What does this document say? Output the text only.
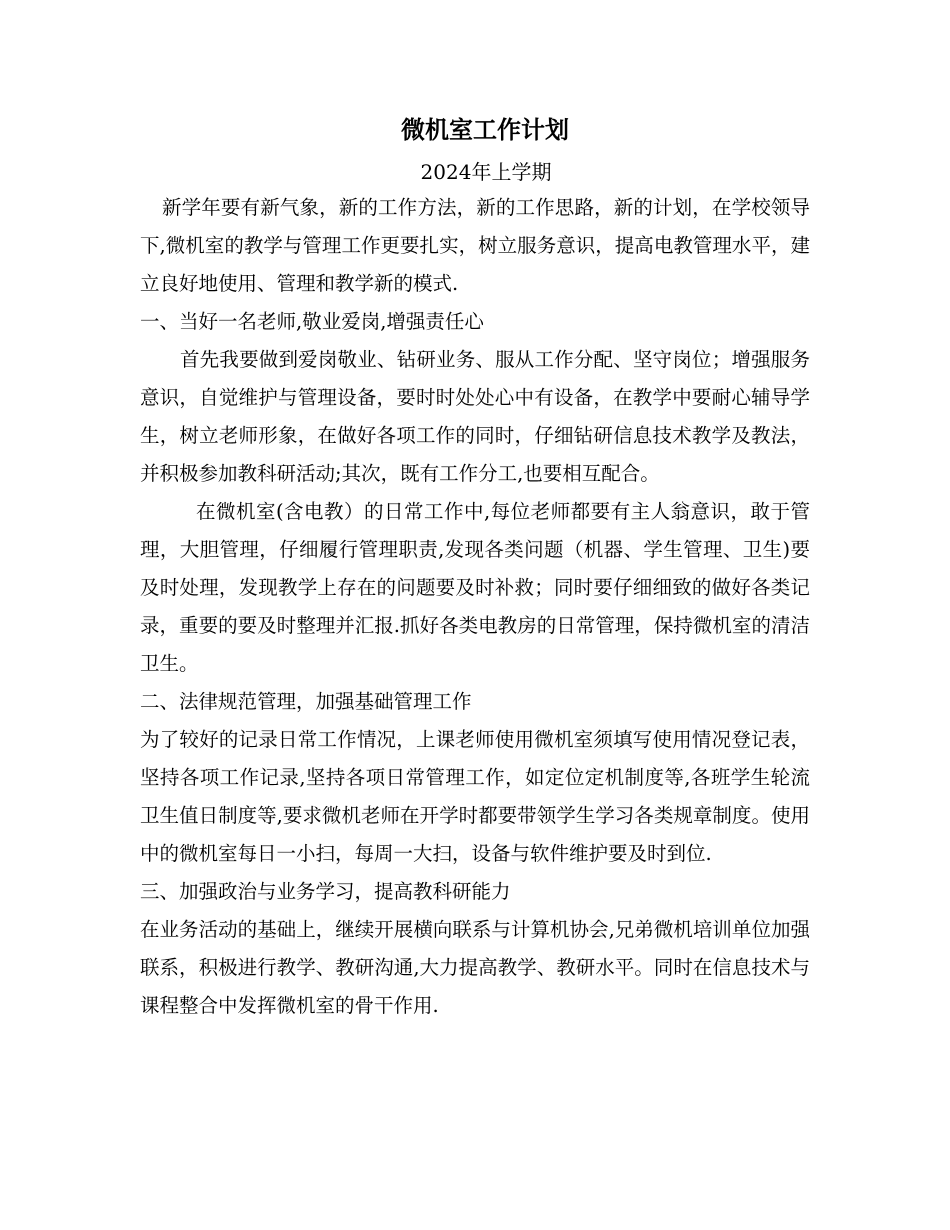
微机室工作计划
2024年上学期

新学年要有新气象，新的工作方法，新的工作思路，新的计划，在学校领导下,微机室的教学与管理工作更要扎实，树立服务意识，提高电教管理水平，建立良好地使用、管理和教学新的模式.

一、当好一名老师,敬业爱岗,增强责任心

首先我要做到爱岗敬业、钻研业务、服从工作分配、坚守岗位；增强服务意识，自觉维护与管理设备，要时时处处心中有设备，在教学中要耐心辅导学生，树立老师形象，在做好各项工作的同时，仔细钻研信息技术教学及教法，并积极参加教科研活动;其次，既有工作分工,也要相互配合。

在微机室(含电教）的日常工作中,每位老师都要有主人翁意识，敢于管理，大胆管理，仔细履行管理职责,发现各类问题（机器、学生管理、卫生)要及时处理，发现教学上存在的问题要及时补救；同时要仔细细致的做好各类记录，重要的要及时整理并汇报.抓好各类电教房的日常管理，保持微机室的清洁卫生。

二、法律规范管理，加强基础管理工作

为了较好的记录日常工作情况，上课老师使用微机室须填写使用情况登记表，坚持各项工作记录,坚持各项日常管理工作，如定位定机制度等,各班学生轮流卫生值日制度等,要求微机老师在开学时都要带领学生学习各类规章制度。使用中的微机室每日一小扫，每周一大扫，设备与软件维护要及时到位.

三、加强政治与业务学习，提高教科研能力

在业务活动的基础上，继续开展横向联系与计算机协会,兄弟微机培训单位加强联系，积极进行教学、教研沟通,大力提高教学、教研水平。同时在信息技术与课程整合中发挥微机室的骨干作用.
